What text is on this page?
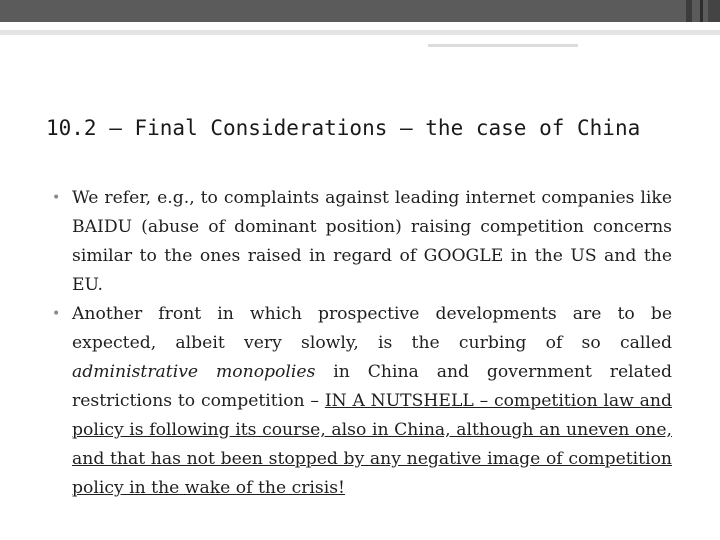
10.2 – Final Considerations – the case of China
• We refer, e.g., to complaints against leading internet companies like BAIDU (abuse of dominant position) raising competition concerns similar to the ones raised in regard of GOOGLE in the US and the EU.
• Another front in which prospective developments are to be expected, albeit very slowly, is the curbing of so called administrative monopolies in China and government related restrictions to competition – IN A NUTSHELL – competition law and policy is following its course, also in China, although an uneven one, and that has not been stopped by any negative image of competition policy in the wake of the crisis!
